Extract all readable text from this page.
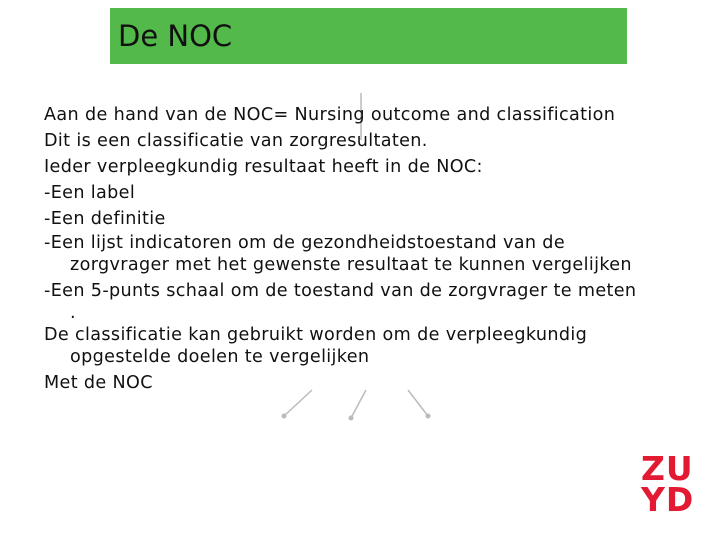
De NOC
Aan de hand van de NOC= Nursing outcome and classification
Dit is een classificatie van zorgresultaten.
Ieder verpleegkundig resultaat heeft in de NOC:
-Een label
-Een definitie
-Een lijst indicatoren om de gezondheidstoestand van de
zorgvrager met het gewenste resultaat te kunnen vergelijken
-Een 5-punts schaal om de toestand van de zorgvrager te meten
.
De classificatie kan gebruikt worden om de verpleegkundig
opgestelde doelen te vergelijken
Met de NOC
ZU
YD
